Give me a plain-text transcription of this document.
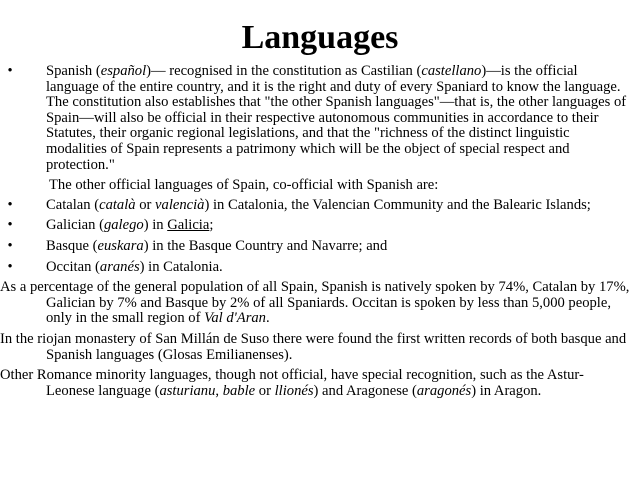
Languages
• Spanish (español)— recognised in the constitution as Castilian (castellano)—is the official language of the entire country, and it is the right and duty of every Spaniard to know the language. The constitution also establishes that "the other Spanish languages"—that is, the other languages of Spain—will also be official in their respective autonomous communities in accordance to their Statutes, their organic regional legislations, and that the "richness of the distinct linguistic modalities of Spain represents a patrimony which will be the object of special respect and protection."

The other official languages of Spain, co-official with Spanish are:

• Catalan (català or valencià) in Catalonia, the Valencian Community and the Balearic Islands;
• Galician (galego) in Galicia;
• Basque (euskara) in the Basque Country and Navarre; and
• Occitan (aranés) in Catalonia.

As a percentage of the general population of all Spain, Spanish is natively spoken by 74%, Catalan by 17%, Galician by 7% and Basque by 2% of all Spaniards. Occitan is spoken by less than 5,000 people, only in the small region of Val d'Aran.

In the riojan monastery of San Millán de Suso there were found the first written records of both basque and Spanish languages (Glosas Emilianenses).

Other Romance minority languages, though not official, have special recognition, such as the Astur-Leonese language (asturianu, bable or llionés) and Aragonese (aragonés) in Aragon.
